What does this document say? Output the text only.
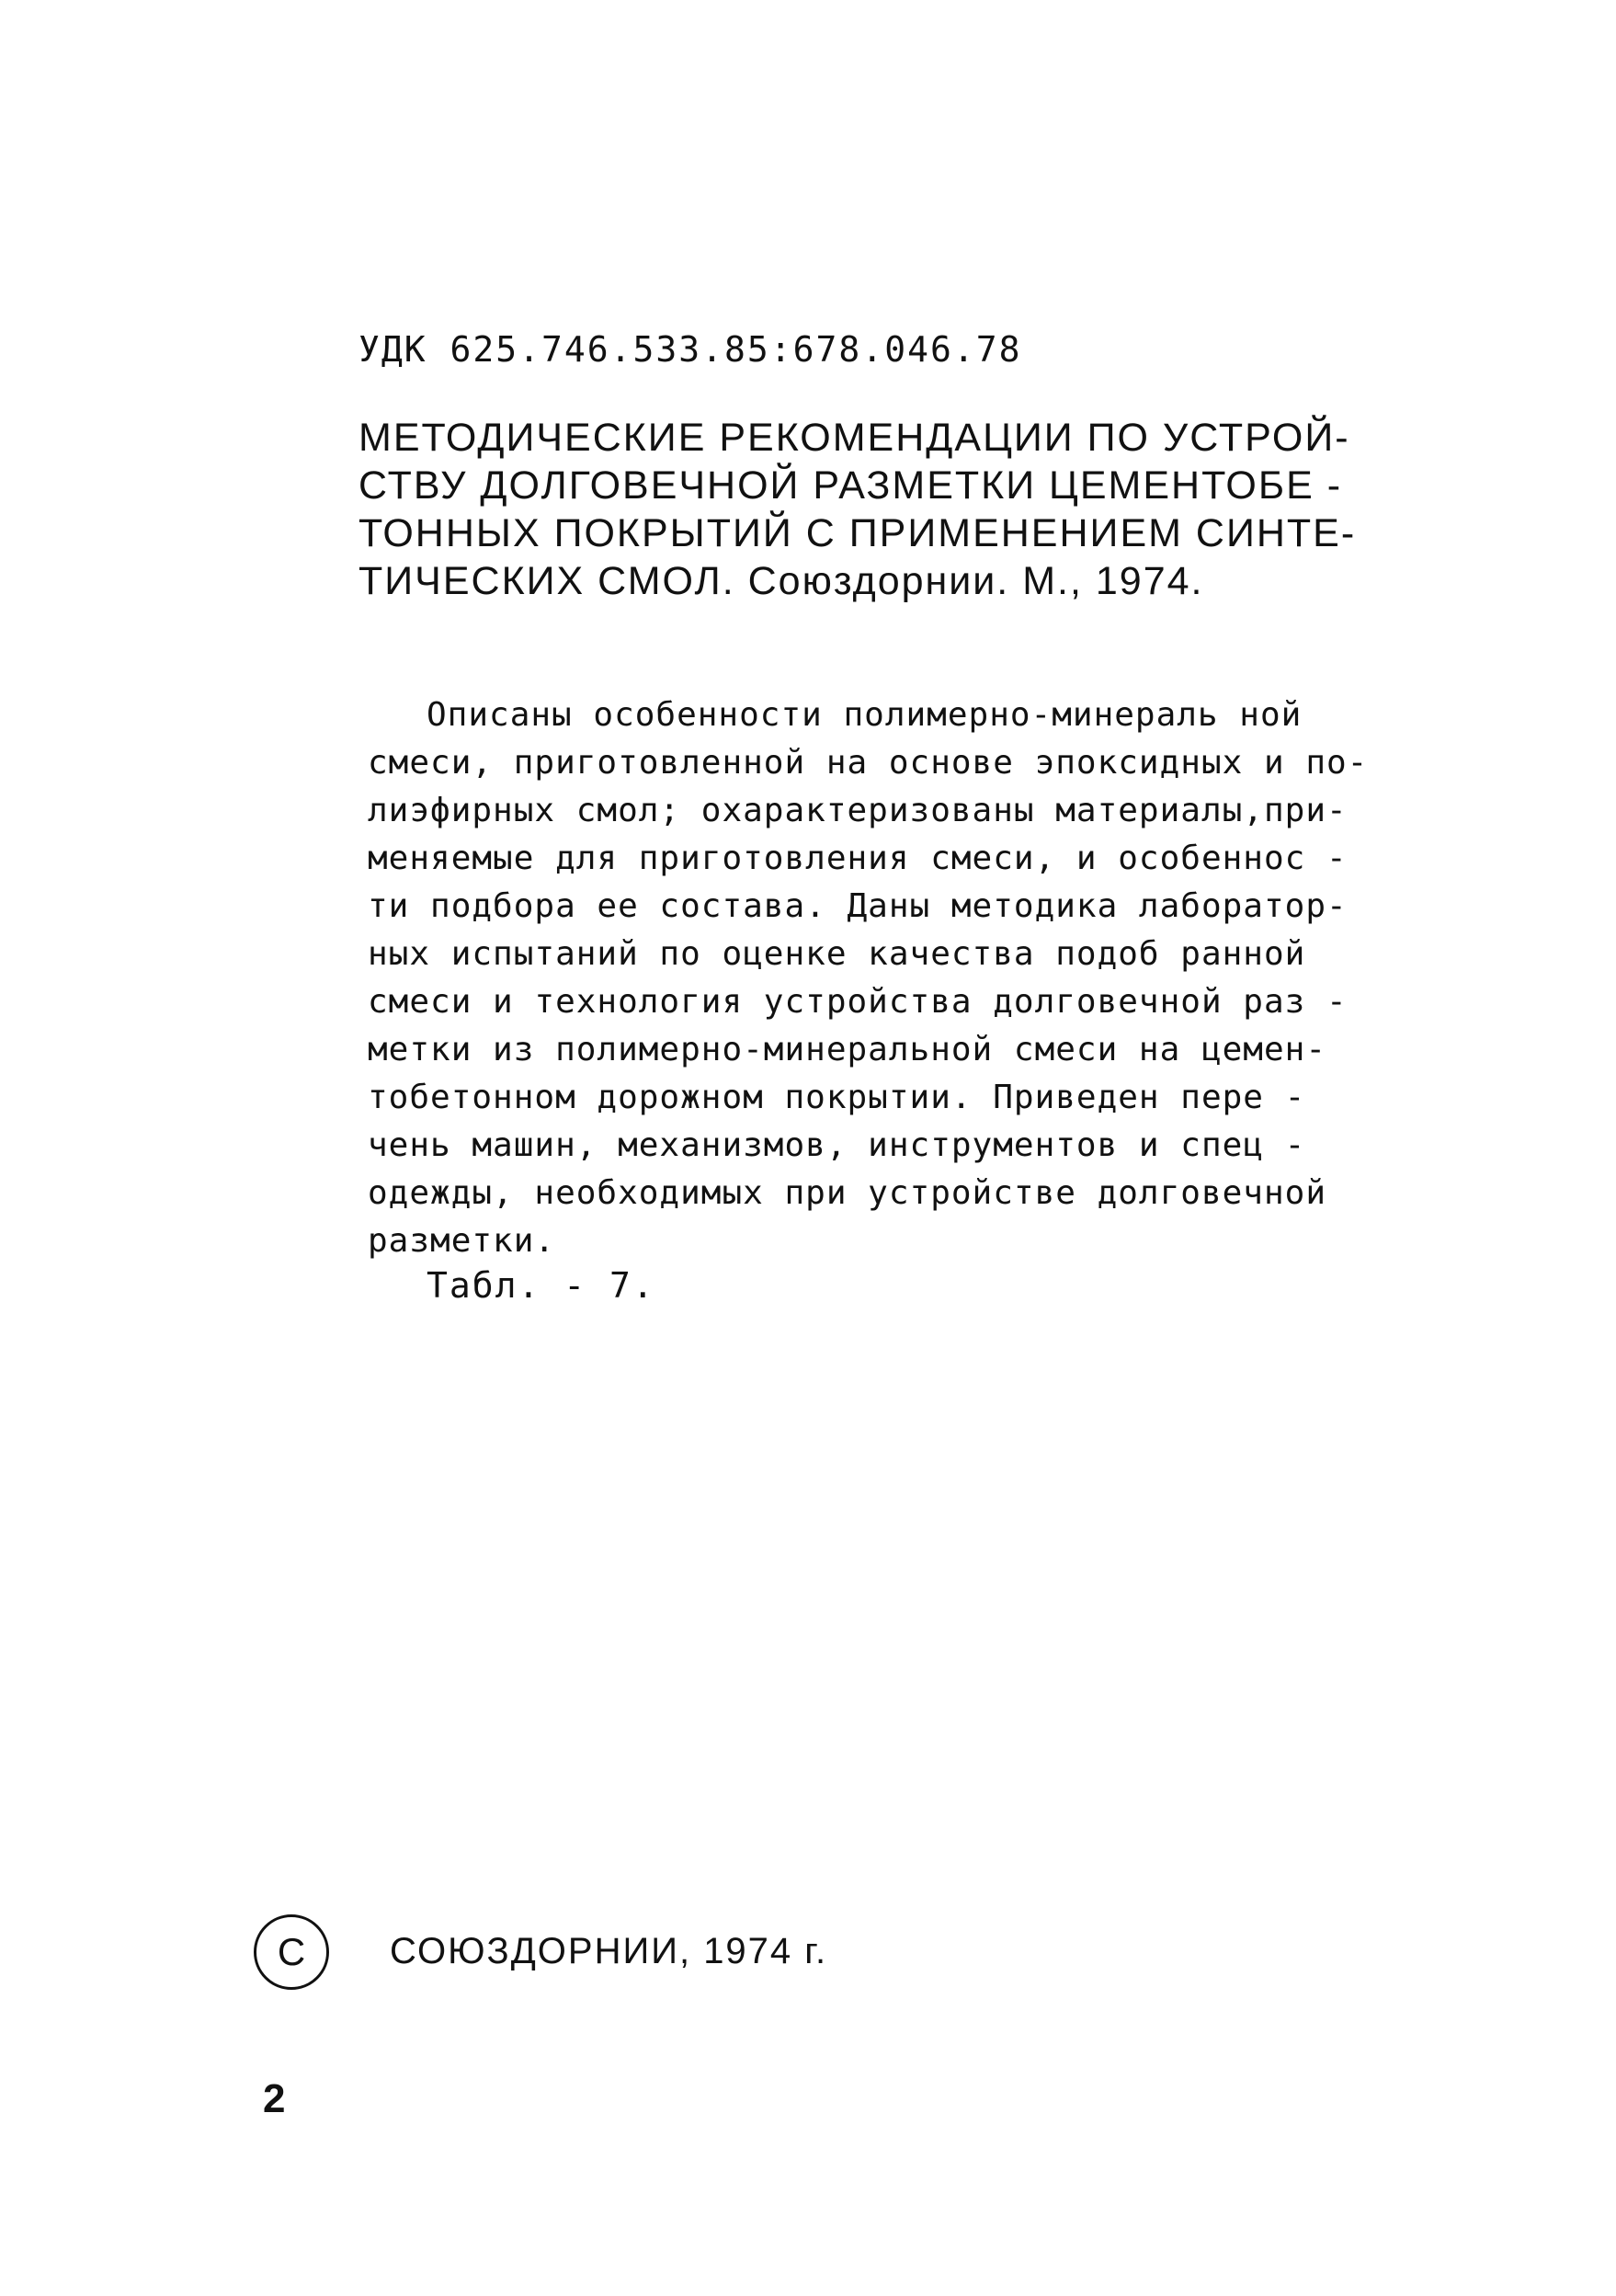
УДК 625.746.533.85:678.046.78
МЕТОДИЧЕСКИЕ РЕКОМЕНДАЦИИ ПО УСТРОЙ-
СТВУ ДОЛГОВЕЧНОЙ РАЗМЕТКИ ЦЕМЕНТОБЕ -
ТОННЫХ ПОКРЫТИЙ С ПРИМЕНЕНИЕМ СИНТЕ-
ТИЧЕСКИХ СМОЛ. Союздорнии. М., 1974.
Описаны особенности полимерно-минераль ной
смеси, приготовленной на основе эпоксидных и по-
лиэфирных смол; охарактеризованы материалы,при-
меняемые для приготовления смеси, и особеннос -
ти подбора ее состава. Даны методика лаборатор-
ных испытаний по оценке качества подоб ранной
смеси и технология устройства долговечной раз -
метки из полимерно-минеральной смеси на цемен-
тобетонном дорожном покрытии. Приведен пере -
чень машин, механизмов, инструментов и спец -
одежды, необходимых при устройстве долговечной
разметки.
Табл. - 7.
C СОЮЗДОРНИИ, 1974 г.
2
